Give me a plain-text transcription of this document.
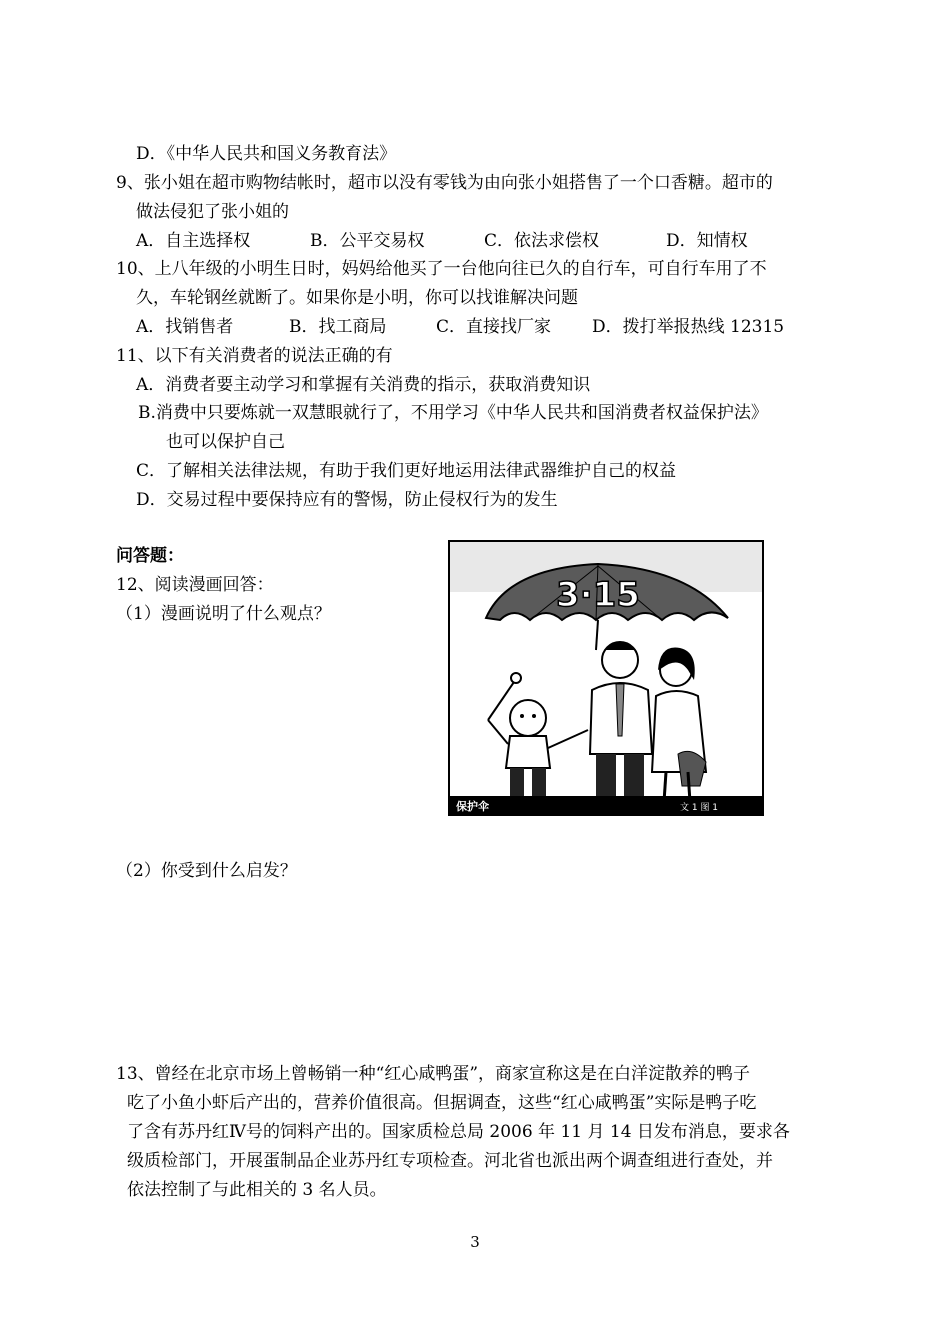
D．《中华人民共和国义务教育法》
9、张小姐在超市购物结帐时，超市以没有零钱为由向张小姐搭售了一个口香糖。超市的
做法侵犯了张小姐的
A．自主选择权	B．公平交易权	C．依法求偿权	D．知情权
10、上八年级的小明生日时，妈妈给他买了一台他向往已久的自行车，可自行车用了不
久，车轮钢丝就断了。如果你是小明，你可以找谁解决问题
A．找销售者	B．找工商局	C．直接找厂家 D．拨打举报热线 12315
11、以下有关消费者的说法正确的有
A．消费者要主动学习和掌握有关消费的指示，获取消费知识
B.消费中只要炼就一双慧眼就行了，不用学习《中华人民共和国消费者权益保护法》
也可以保护自己
C．了解相关法律法规，有助于我们更好地运用法律武器维护自己的权益
D．交易过程中要保持应有的警惕，防止侵权行为的发生
问答题：
12、阅读漫画回答：
（1）漫画说明了什么观点？	3·15
保护伞	文 1 图 1
（2）你受到什么启发？
13、曾经在北京市场上曾畅销一种“红心咸鸭蛋”，商家宣称这是在白洋淀散养的鸭子
吃了小鱼小虾后产出的，营养价值很高。但据调查，这些“红心咸鸭蛋”实际是鸭子吃
了含有苏丹红Ⅳ号的饲料产出的。国家质检总局 2006 年 11 月 14 日发布消息，要求各
级质检部门，开展蛋制品企业苏丹红专项检查。河北省也派出两个调查组进行查处，并
依法控制了与此相关的 3 名人员。
3
